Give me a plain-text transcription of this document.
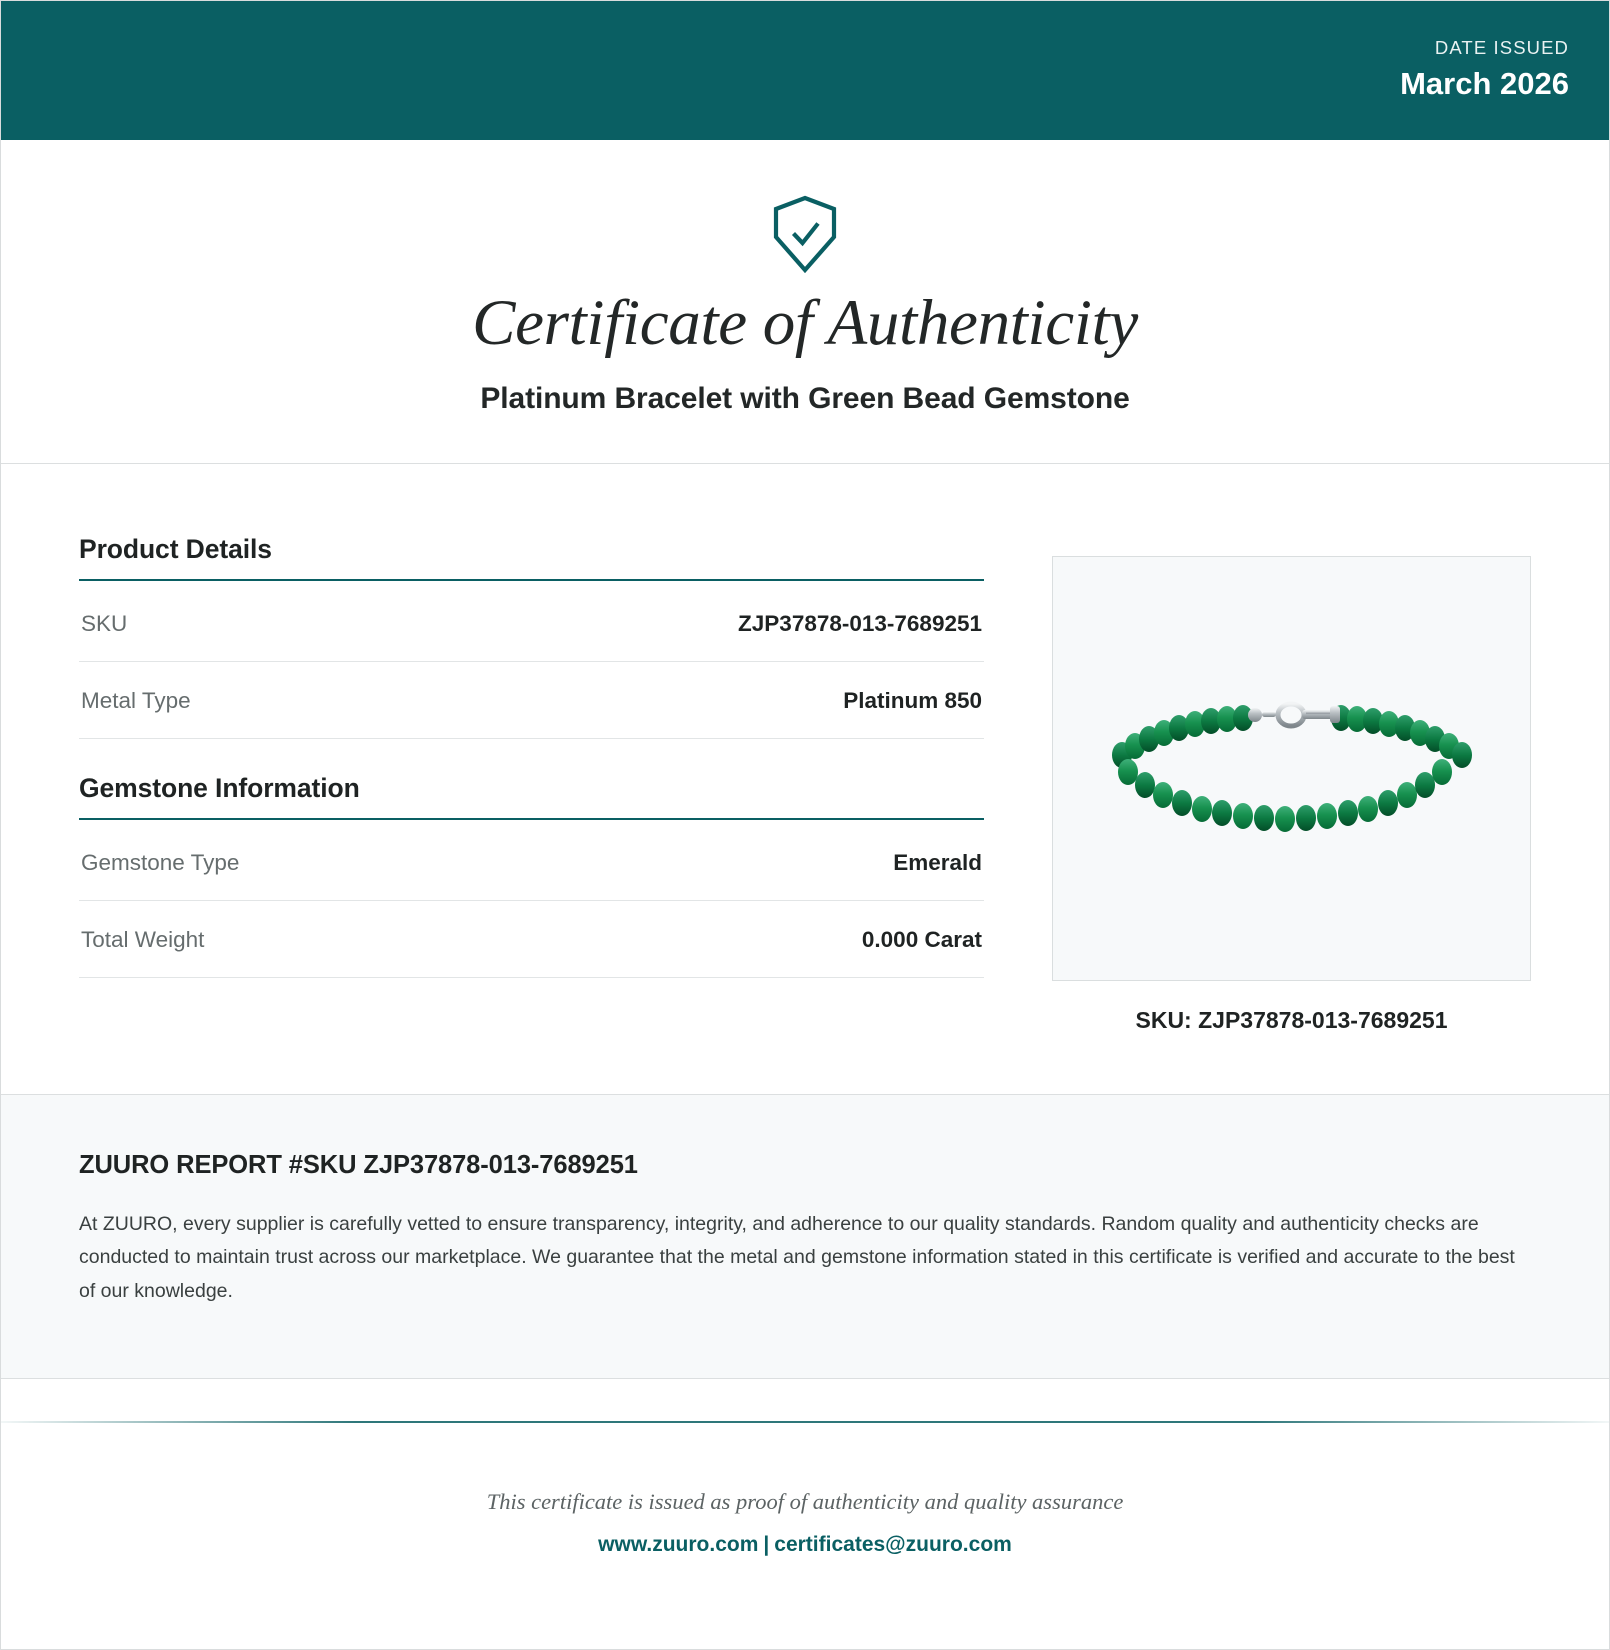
DATE ISSUED
March 2026
Certificate of Authenticity
Platinum Bracelet with Green Bead Gemstone
Product Details
SKU	ZJP37878-013-7689251
Metal Type	Platinum 850
Gemstone Information
Gemstone Type	Emerald
Total Weight	0.000 Carat
SKU: ZJP37878-013-7689251
ZUURO REPORT #SKU ZJP37878-013-7689251

At ZUURO, every supplier is carefully vetted to ensure transparency, integrity, and adherence to our quality standards. Random quality and authenticity checks are conducted to maintain trust across our marketplace. We guarantee that the metal and gemstone information stated in this certificate is verified and accurate to the best of our knowledge.

This certificate is issued as proof of authenticity and quality assurance
www.zuuro.com | certificates@zuuro.com
